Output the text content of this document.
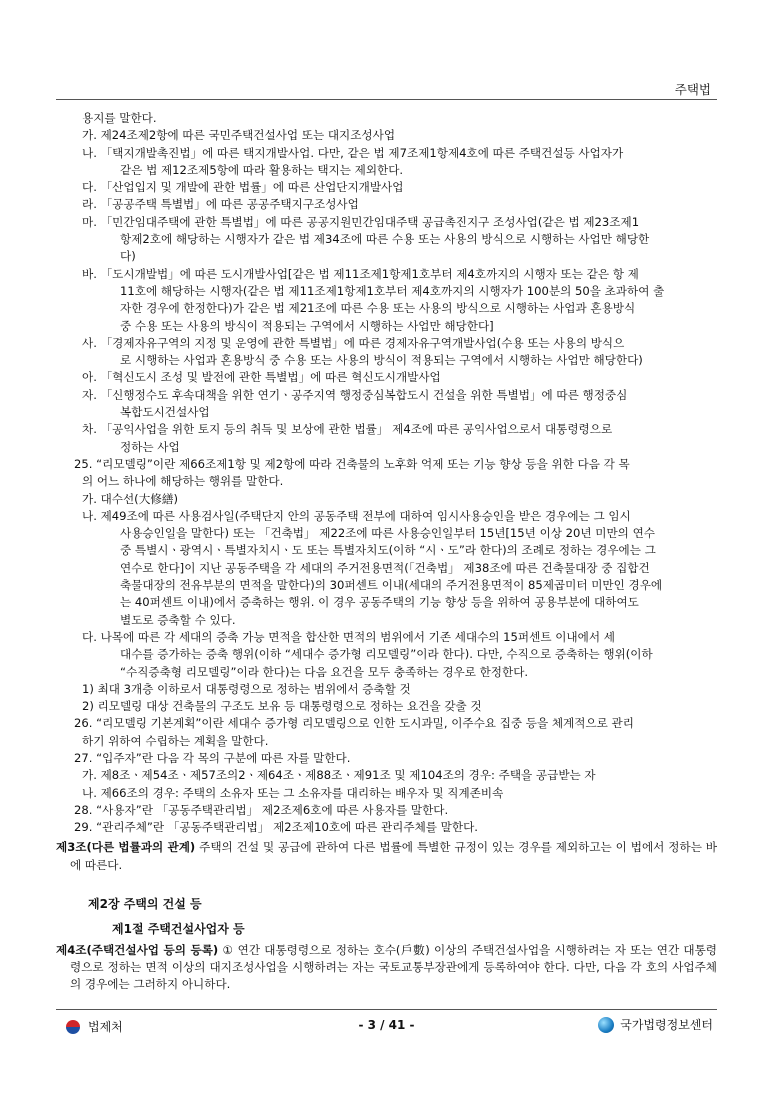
주택법
용지를 말한다.
가. 제24조제2항에 따른 국민주택건설사업 또는 대지조성사업
나. 「택지개발촉진법」에 따른 택지개발사업. 다만, 같은 법 제7조제1항제4호에 따른 주택건설등 사업자가
같은 법 제12조제5항에 따라 활용하는 택지는 제외한다.
다. 「산업입지 및 개발에 관한 법률」에 따른 산업단지개발사업
라. 「공공주택 특별법」에 따른 공공주택지구조성사업
마. 「민간임대주택에 관한 특별법」에 따른 공공지원민간임대주택 공급촉진지구 조성사업(같은 법 제23조제1
항제2호에 해당하는 시행자가 같은 법 제34조에 따른 수용 또는 사용의 방식으로 시행하는 사업만 해당한
다)
바. 「도시개발법」에 따른 도시개발사업[같은 법 제11조제1항제1호부터 제4호까지의 시행자 또는 같은 항 제
11호에 해당하는 시행자(같은 법 제11조제1항제1호부터 제4호까지의 시행자가 100분의 50을 초과하여 출
자한 경우에 한정한다)가 같은 법 제21조에 따른 수용 또는 사용의 방식으로 시행하는 사업과 혼용방식
중 수용 또는 사용의 방식이 적용되는 구역에서 시행하는 사업만 해당한다]
사. 「경제자유구역의 지정 및 운영에 관한 특별법」에 따른 경제자유구역개발사업(수용 또는 사용의 방식으
로 시행하는 사업과 혼용방식 중 수용 또는 사용의 방식이 적용되는 구역에서 시행하는 사업만 해당한다)
아. 「혁신도시 조성 및 발전에 관한 특별법」에 따른 혁신도시개발사업
자. 「신행정수도 후속대책을 위한 연기ㆍ공주지역 행정중심복합도시 건설을 위한 특별법」에 따른 행정중심
복합도시건설사업
차. 「공익사업을 위한 토지 등의 취득 및 보상에 관한 법률」 제4조에 따른 공익사업으로서 대통령령으로
정하는 사업
25. “리모델링”이란 제66조제1항 및 제2항에 따라 건축물의 노후화 억제 또는 기능 향상 등을 위한 다음 각 목
의 어느 하나에 해당하는 행위를 말한다.
가. 대수선(大修繕)
나. 제49조에 따른 사용검사일(주택단지 안의 공동주택 전부에 대하여 임시사용승인을 받은 경우에는 그 임시
사용승인일을 말한다) 또는 「건축법」 제22조에 따른 사용승인일부터 15년[15년 이상 20년 미만의 연수
중 특별시ㆍ광역시ㆍ특별자치시ㆍ도 또는 특별자치도(이하 “시ㆍ도”라 한다)의 조례로 정하는 경우에는 그
연수로 한다]이 지난 공동주택을 각 세대의 주거전용면적(「건축법」 제38조에 따른 건축물대장 중 집합건
축물대장의 전유부분의 면적을 말한다)의 30퍼센트 이내(세대의 주거전용면적이 85제곱미터 미만인 경우에
는 40퍼센트 이내)에서 증축하는 행위. 이 경우 공동주택의 기능 향상 등을 위하여 공용부분에 대하여도
별도로 증축할 수 있다.
다. 나목에 따른 각 세대의 증축 가능 면적을 합산한 면적의 범위에서 기존 세대수의 15퍼센트 이내에서 세
대수를 증가하는 증축 행위(이하 “세대수 증가형 리모델링”이라 한다). 다만, 수직으로 증축하는 행위(이하
“수직증축형 리모델링”이라 한다)는 다음 요건을 모두 충족하는 경우로 한정한다.
1) 최대 3개층 이하로서 대통령령으로 정하는 범위에서 증축할 것
2) 리모델링 대상 건축물의 구조도 보유 등 대통령령으로 정하는 요건을 갖출 것
26. “리모델링 기본계획”이란 세대수 증가형 리모델링으로 인한 도시과밀, 이주수요 집중 등을 체계적으로 관리
하기 위하여 수립하는 계획을 말한다.
27. “입주자”란 다음 각 목의 구분에 따른 자를 말한다.
가. 제8조ㆍ제54조ㆍ제57조의2ㆍ제64조ㆍ제88조ㆍ제91조 및 제104조의 경우: 주택을 공급받는 자
나. 제66조의 경우: 주택의 소유자 또는 그 소유자를 대리하는 배우자 및 직계존비속
28. “사용자”란 「공동주택관리법」 제2조제6호에 따른 사용자를 말한다.
29. “관리주체”란 「공동주택관리법」 제2조제10호에 따른 관리주체를 말한다.
제3조(다른 법률과의 관계) 주택의 건설 및 공급에 관하여 다른 법률에 특별한 규정이 있는 경우를 제외하고는 이 법에서 정하는 바에 따른다.
제2장 주택의 건설 등
제1절 주택건설사업자 등
제4조(주택건설사업 등의 등록) ① 연간 대통령령으로 정하는 호수(戶數) 이상의 주택건설사업을 시행하려는 자 또는 연간 대통령령으로 정하는 면적 이상의 대지조성사업을 시행하려는 자는 국토교통부장관에게 등록하여야 한다. 다만, 다음 각 호의 사업주체의 경우에는 그러하지 아니하다.
법제처	- 3 / 41 -	국가법령정보센터
